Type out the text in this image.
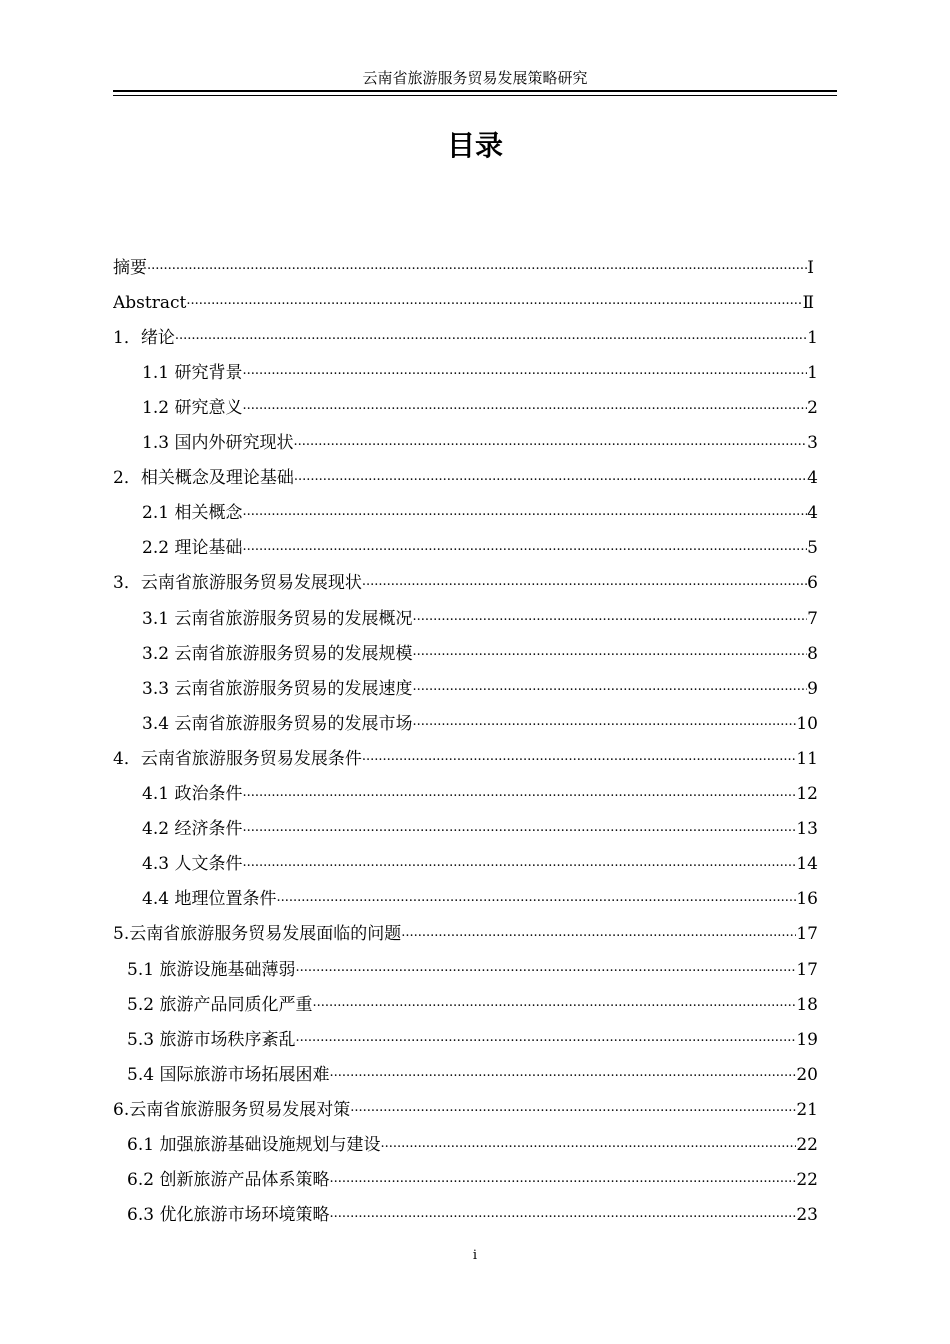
云南省旅游服务贸易发展策略研究
目录
摘要 .....	Ⅰ
Abstract .....	Ⅱ
1．绪论 .....	1
1.1 研究背景 .....	1
1.2 研究意义 .....	2
1.3 国内外研究现状 .....	3
2．相关概念及理论基础 .....	4
2.1 相关概念 .....	4
2.2 理论基础 .....	5
3．云南省旅游服务贸易发展现状 .....	6
3.1 云南省旅游服务贸易的发展概况 .....	7
3.2 云南省旅游服务贸易的发展规模 .....	8
3.3 云南省旅游服务贸易的发展速度 .....	9
3.4 云南省旅游服务贸易的发展市场 .....	10
4．云南省旅游服务贸易发展条件 .....	11
4.1 政治条件 .....	12
4.2 经济条件 .....	13
4.3 人文条件 .....	14
4.4 地理位置条件 .....	16
5.云南省旅游服务贸易发展面临的问题 .....	17
5.1 旅游设施基础薄弱 .....	17
5.2 旅游产品同质化严重 .....	18
5.3 旅游市场秩序紊乱 .....	19
5.4 国际旅游市场拓展困难 .....	20
6.云南省旅游服务贸易发展对策 .....	21
6.1 加强旅游基础设施规划与建设 .....	22
6.2 创新旅游产品体系策略 .....	22
6.3 优化旅游市场环境策略 .....	23
i
